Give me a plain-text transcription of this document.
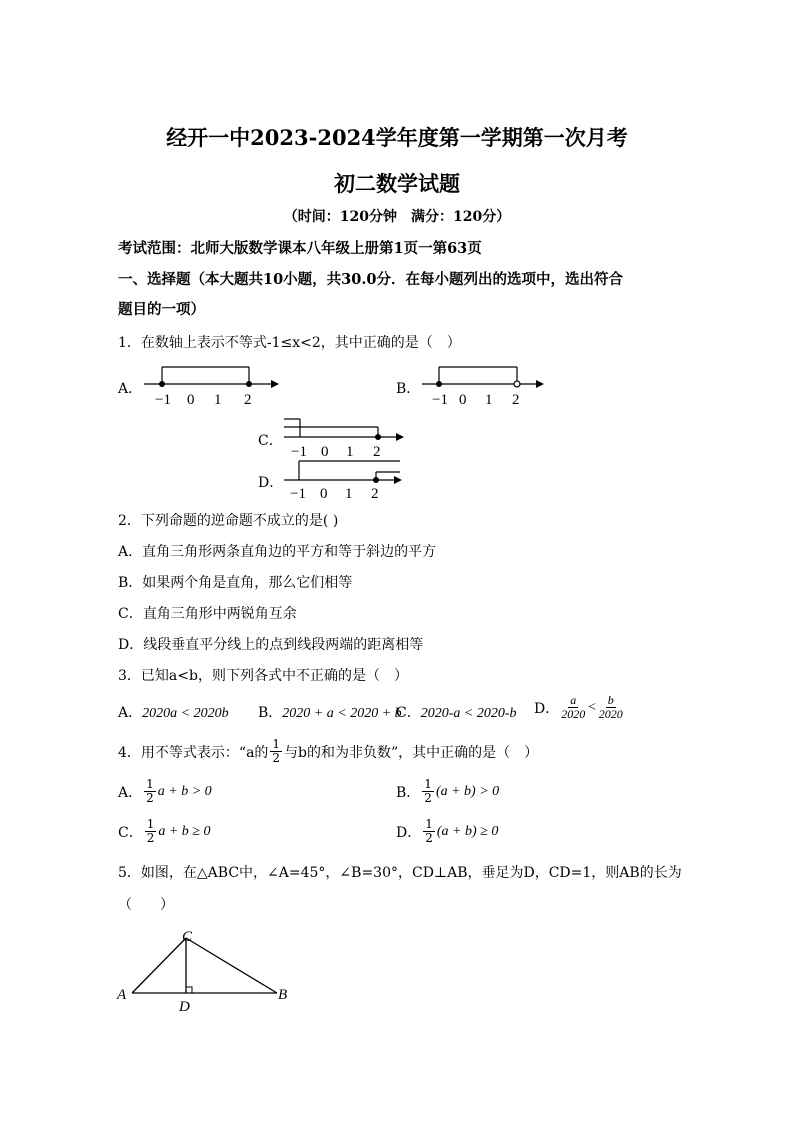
经开一中2023-2024学年度第一学期第一次月考
初二数学试题
（时间：120分钟　满分：120分）
考试范围：北师大版数学课本八年级上册第1页一第63页
一、选择题（本大题共10小题，共30.0分．在每小题列出的选项中，选出符合
题目的一项）
1．在数轴上表示不等式-1≤x<2，其中正确的是（　）
A．
−1 0 1 2
B．
−1 0 1 2
C．
−1 0 1 2
D．
−1 0 1 2
2．下列命题的逆命题不成立的是( )
A．直角三角形两条直角边的平方和等于斜边的平方
B．如果两个角是直角，那么它们相等
C．直角三角形中两锐角互余
D．线段垂直平分线上的点到线段两端的距离相等
3．已知a<b，则下列各式中不正确的是（　）
A．2020a < 2020b B．2020 + a < 2020 + b
C．2020-a < 2020-b D． $\frac{a}{2020} < \frac{b}{2020}$
4．用不等式表示：“a的 $\frac{1}{2}$ 与b的和为非负数”，其中正确的是（　）
A． $\frac{1}{2}$ a + b > 0	B． $\frac{1}{2} (a + b) > 0$
C． $\frac{1}{2}$ a + b ≥ 0	D． $\frac{1}{2} (a + b) \ge 0$
5．如图，在△ABC中，∠A=45°，∠B=30°，CD⊥AB，垂足为D，CD=1，则AB的长为
（　　）
C
A	B
D
